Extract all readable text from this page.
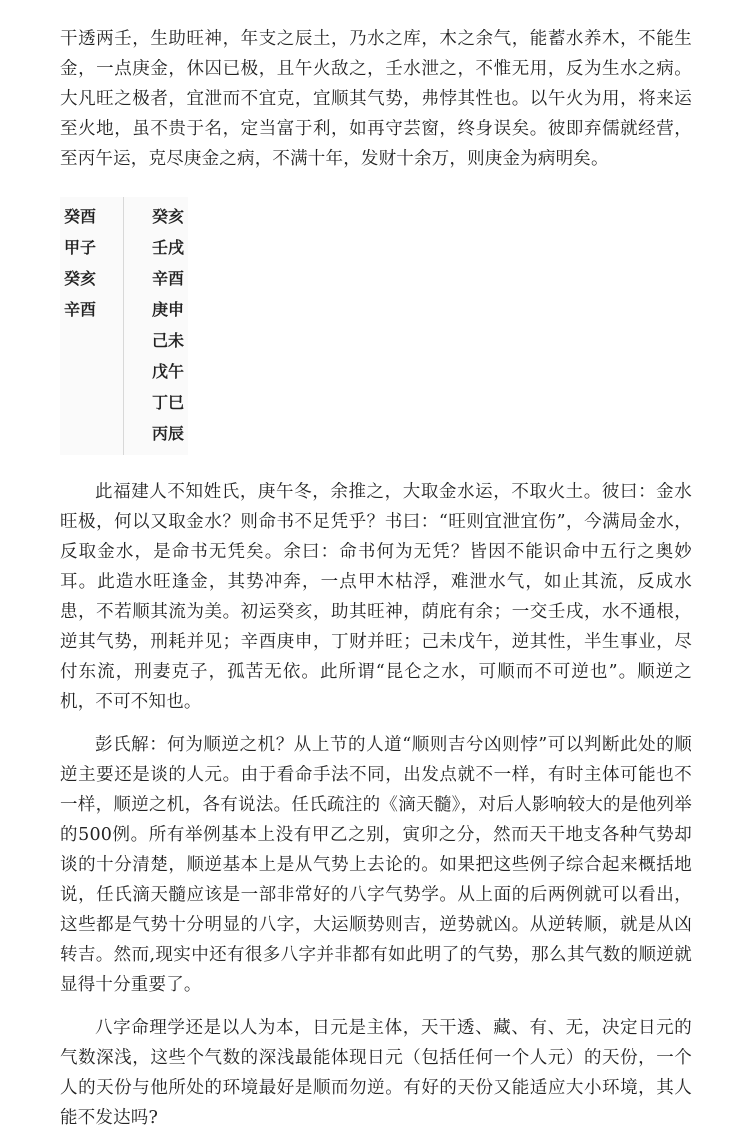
干透两壬，生助旺神，年支之辰土，乃水之库，木之余气，能蓄水养木，不能生金，一点庚金，休囚已极，且午火敌之，壬水泄之，不惟无用，反为生水之病。大凡旺之极者，宜泄而不宜克，宜顺其气势，弗悖其性也。以午火为用，将来运至火地，虽不贵于名，定当富于利，如再守芸窗，终身误矣。彼即弃儒就经营，至丙午运，克尽庚金之病，不满十年，发财十余万，则庚金为病明矣。

癸酉
甲子
癸亥
辛酉
癸亥
壬戌
辛酉
庚申
己未
戊午
丁巳
丙辰

此福建人不知姓氏，庚午冬，余推之，大取金水运，不取火土。彼曰：金水旺极，何以又取金水？则命书不足凭乎？书曰：“旺则宜泄宜伤”，今满局金水，反取金水，是命书无凭矣。余曰：命书何为无凭？皆因不能识命中五行之奥妙耳。此造水旺逢金，其势冲奔，一点甲木枯浮，难泄水气，如止其流，反成水患，不若顺其流为美。初运癸亥，助其旺神，荫庇有余；一交壬戌，水不通根，逆其气势，刑耗并见；辛酉庚申，丁财并旺；己未戊午，逆其性，半生事业，尽付东流，刑妻克子，孤苦无依。此所谓“昆仑之水，可顺而不可逆也”。顺逆之机，不可不知也。

彭氏解：何为顺逆之机？从上节的人道“顺则吉兮凶则悖”可以判断此处的顺逆主要还是谈的人元。由于看命手法不同，出发点就不一样，有时主体可能也不一样，顺逆之机，各有说法。任氏疏注的《滴天髓》，对后人影响较大的是他列举的500例。所有举例基本上没有甲乙之别，寅卯之分，然而天干地支各种气势却谈的十分清楚，顺逆基本上是从气势上去论的。如果把这些例子综合起来概括地说，任氏滴天髓应该是一部非常好的八字气势学。从上面的后两例就可以看出，这些都是气势十分明显的八字，大运顺势则吉，逆势就凶。从逆转顺，就是从凶转吉。然而,现实中还有很多八字并非都有如此明了的气势，那么其气数的顺逆就显得十分重要了。

八字命理学还是以人为本，日元是主体，天干透、藏、有、无，决定日元的气数深浅，这些个气数的深浅最能体现日元（包括任何一个人元）的天份，一个人的天份与他所处的环境最好是顺而勿逆。有好的天份又能适应大小环境，其人能不发达吗?
